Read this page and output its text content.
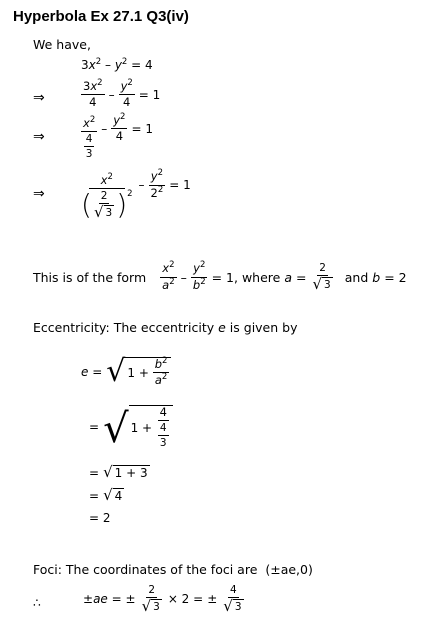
Hyperbola Ex 27.1 Q3(iv)
We have,
$3x^2 - y^2 = 4$
⇒	$\frac{3x^2}{4} - \frac{y^2}{4} = 1$
⇒	$\frac{x^2}{\frac{4}{3}} - \frac{y^2}{4} = 1$
⇒	$\frac{x^2}{( \frac{2}{√ 3} ) 2} - \frac{y^2}{2^2} = 1$
This is of the form $\frac{x^2}{a^2} - \frac{y^2}{b^2} = 1$, where $a = \frac{2}{√ 3}$ and b = 2
Eccentricity: The eccentricity e is given by
e = √ 1 +
$\frac{b^2}{a^2}$
= √ 1 +
$\frac{4}{\frac{4}{3}}$
= √ 1 + 3
= √ 4
= 2
Foci: The coordinates of the foci are (±ae,0)
∴	±ae = ± $\frac{2}{√ 3} \times 2$ = ± $\frac{4}{√ 3}$
